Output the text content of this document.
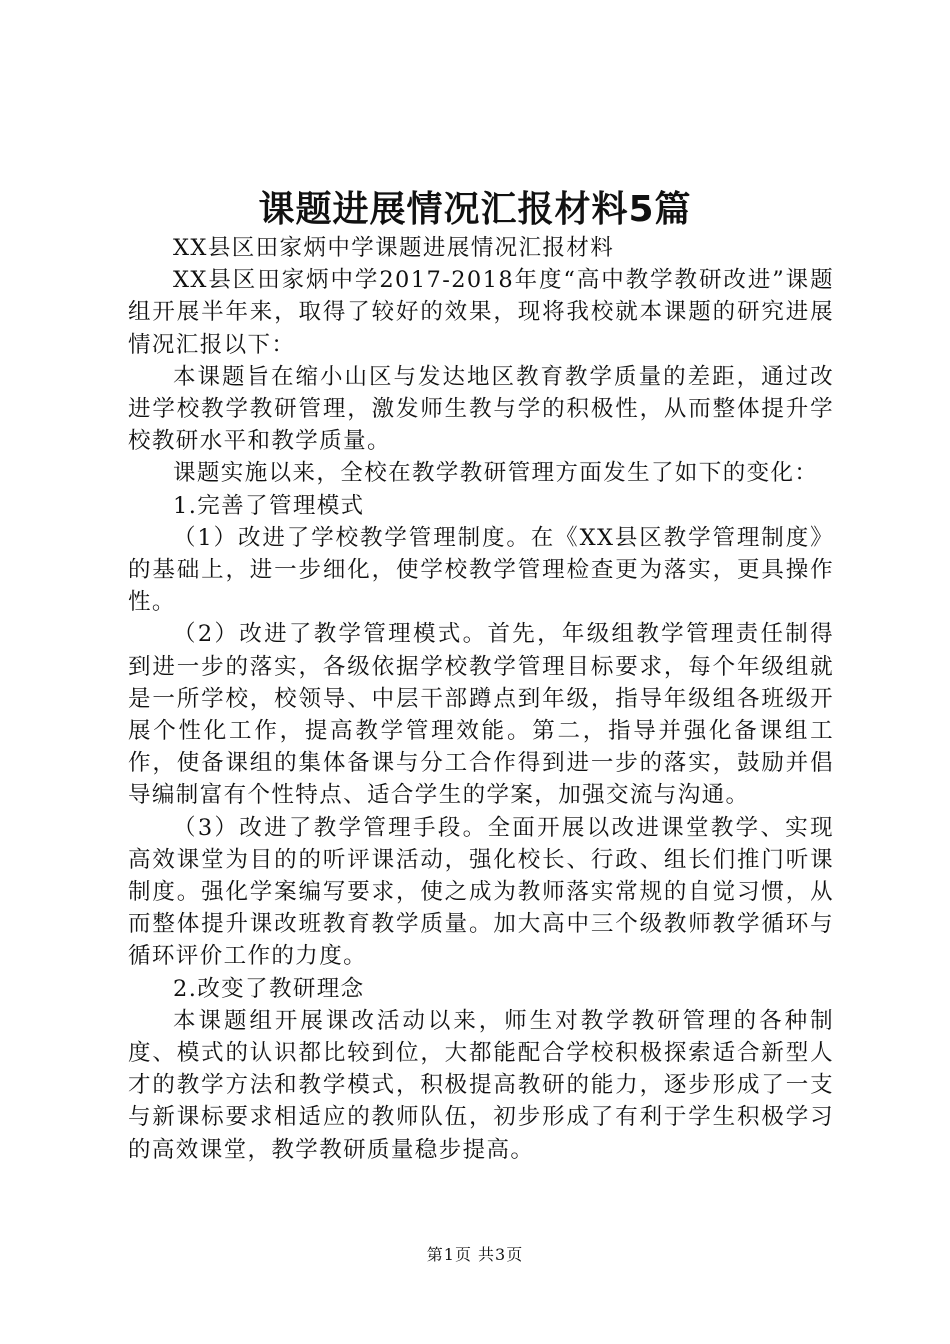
课题进展情况汇报材料5篇

XX县区田家炳中学课题进展情况汇报材料

XX县区田家炳中学2017-2018年度“高中教学教研改进”课题组开展半年来，取得了较好的效果，现将我校就本课题的研究进展情况汇报以下：

本课题旨在缩小山区与发达地区教育教学质量的差距，通过改进学校教学教研管理，激发师生教与学的积极性，从而整体提升学校教研水平和教学质量。

课题实施以来，全校在教学教研管理方面发生了如下的变化：

1.完善了管理模式

（1）改进了学校教学管理制度。在《XX县区教学管理制度》的基础上，进一步细化，使学校教学管理检查更为落实，更具操作性。

（2）改进了教学管理模式。首先，年级组教学管理责任制得到进一步的落实，各级依据学校教学管理目标要求，每个年级组就是一所学校，校领导、中层干部蹲点到年级，指导年级组各班级开展个性化工作，提高教学管理效能。第二，指导并强化备课组工作，使备课组的集体备课与分工合作得到进一步的落实，鼓励并倡导编制富有个性特点、适合学生的学案，加强交流与沟通。

（3）改进了教学管理手段。全面开展以改进课堂教学、实现高效课堂为目的的听评课活动，强化校长、行政、组长们推门听课制度。强化学案编写要求，使之成为教师落实常规的自觉习惯，从而整体提升课改班教育教学质量。加大高中三个级教师教学循环与循环评价工作的力度。

2.改变了教研理念

本课题组开展课改活动以来，师生对教学教研管理的各种制度、模式的认识都比较到位，大都能配合学校积极探索适合新型人才的教学方法和教学模式，积极提高教研的能力，逐步形成了一支与新课标要求相适应的教师队伍，初步形成了有利于学生积极学习的高效课堂，教学教研质量稳步提高。

第1页 共3页
